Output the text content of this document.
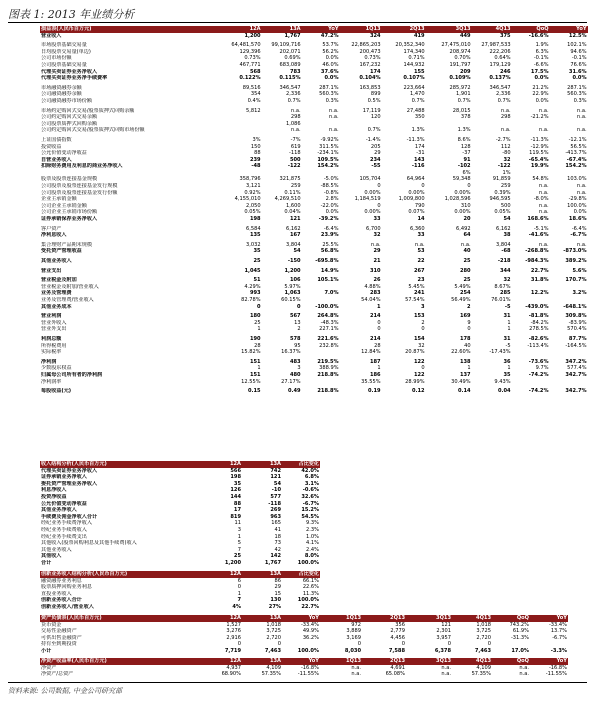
图表 1: 2013 年业绩分析
损益表(人民币百万元)		12A	13A	YoY	1Q13	2Q13	3Q13	4Q13	QoQ	YoY
营业收入		1,200	1,767	47.2%	324	419	449	375	-16.6%	12.5%

市场股票基础交易量		64,481,570	99,109,716	53.7%	22,865,203	20,352,340	27,475,010	27,987,533	1.9%	102.1%
日均股票交易量(单边)		129,396	202,071	56.2%	200,473	174,340	208,974	222,206	6.3%	94.6%
公司市场份额		0.73%	0.69%	0.0%	0.73%	0.71%	0.70%	0.64%	-0.1%	-0.1%
公司股票基础交易量		467,771	683,089	46.0%	167,232	144,932	191,797	179,129	-6.6%	76.6%
代理买卖证券业务净收入		568	783	37.6%	174	155	209	246	17.5%	31.6%
代理买卖证券业务净手续费率		0.122%	0.115%	0.0%	0.104%	0.107%	0.109%	0.137%	0.0%	0.0%

市场融资融券余额		89,516	346,547	287.1%	163,853	223,664	285,972	346,547	21.2%	287.1%
公司融资融券余额		354	2,336	560.3%	899	1,470	1,901	2,336	22.9%	560.3%
公司融资融券市场份额		0.4%	0.7%	0.3%	0.5%	0.7%	0.7%	0.7%	0.0%	0.3%

市场约定购回式交易/股票质押式回购余额		5,812	n.a.	n.a.	17,119	27,488	28,015	n.a.	n.a.	n.a.
公司约定购回式交易余额			298	n.a.	120	350	378	298	-21.2%	n.a.
公司股票质押式回购余额			1,086							
公司约定购回式交易/股票质押式回购市场份额			n.a.	n.a.	0.7%	1.3%	1.3%	n.a.	n.a.	n.a.

上证国债指数		3%	-7%	-9.92%	-1.4%	-11.3%	8.6%	-2.7%	-11.3%	-12.1%
投资收益		150	619	311.5%	205	174	128	112	-12.9%	56.5%
公允价值变动净收益		88	-118	-234.1%	29	-31	-37	-80	119.5%	-413.7%
自营业务收入		239	500	109.5%	234	143	91	32	-65.4%	-67.4%
扣除财务费用及利息的商业务净收入		-48	-122	154.2%	-55	-116	-102	-122	19.9%	154.2%
							6%	1%		
股票及股票连接基金规模		358,796	321,875	-5.0%	105,704	64,964	59,348	91,859	54.8%	103.0%
公司股票及股票连接基金发行规模		3,121	259	-88.5%	0	0	0	259	n.a.	n.a.
公司股票及股票连接基金发行份额		0.92%	0.11%	-0.8%	0.00%	0.00%	0.00%	0.39%	n.a.	n.a.
企业主承销金额		4,155,010	4,269,510	2.8%	1,184,519	1,009,800	1,028,596	946,595	-8.0%	-29.8%
公司企业主承销金额		2,050	1,600	-22.0%	0	790	310	500	n.a.	100.0%
公司企业主承销市场份额		0.05%	0.04%	0.0%	0.00%	0.07%	0.00%	0.05%	n.a.	0.0%
证券承销保荐业务净收入		198	121	-39.2%	33	14	20	54	168.6%	18.6%

客户资产		6,584	6,162	-6.4%	6,700	6,360	6,492	6,162	-5.1%	-6.4%
净利息收入		135	167	23.9%	32	33	64	38	-41.6%	-6.7%

集合理财产品期末规模		3,032	3,804	25.5%	n.a.	n.a.	n.a.	3,804	n.a.	n.a.
受托资产管理收益		35	54	56.8%	29	53	40	-68	-268.8%	-873.0%

其他业务收入		25	-150	-695.8%	21	22	25	-218	-984.3%	389.2%

营业支出		1,045	1,200	14.9%	310	267	280	344	22.7%	5.6%

营业税金及附加		51	106	105.1%	26	23	25	32	31.8%	170.7%
营业税金及附加/营业收入		4.29%	5.97%		4.88%	5.45%	5.49%	8.67%		
业务及管理费		993	1,063	7.0%	283	241	254	285	12.2%	3.2%
业务及管理费/营业收入		82.78%	60.15%		54.04%	57.54%	56.49%	76.01%		
其他业务成本		0	0	-100.0%	1	3	2	-5	-439.0%	-648.1%

营业利润		180	567	264.8%	214	153	169	31	-81.8%	309.8%
营业外收入		25	13	-48.3%	0	2	9	1	-84.2%	-83.9%
营业外支出		1	2	227.1%	0	0	0	1	278.5%	570.4%

利润总额		190	578	221.6%	214	154	178	31	-82.6%	87.7%
所得税费用		28	95	232.8%	28	32	40	-5	-113.4%	-164.5%
实际税率		15.82%	16.37%		12.84%	20.87%	22.60%	-17.43%		

净利润		151	483	219.5%	187	122	138	36	-73.6%	347.2%
少数股东权益		1	3	388.9%	1	0	1	1	9.7%	577.4%
归属母公司所有者的净利润		151	480	218.8%	186	122	137	35	-74.2%	342.7%
净利润率		12.55%	27.17%		35.55%	28.99%	30.49%	9.43%		

每股收益(元)		0.15	0.49	218.8%	0.19	0.12	0.14	0.04	-74.2%	342.7%
收入结构分析(人民币百万元)	12A	13A	占比变化
代理买卖证券业务净收入	566	742	42.0%
证券承销业务净收入	198	121	6.8%
委托资产管理业务净收入	35	54	3.1%
利息净收入	126	-10	-0.6%
投资净收益	144	577	32.6%
公允价值变动净收益	88	-118	-6.7%
其他业务净收入	17	269	15.2%
手续费及佣金净收入合计	819	963	54.5%
经纪业务手续费净收入	11	165	9.3%
经纪业务手续费收入	3	41	2.3%
经纪业务手续费支出	1	18	1.0%
其他收入(股票回购利息及其他手续费)收入	5	73	4.1%
其他业务收入	7	42	2.4%
其他收入	25	142	8.0%
合计	1,200	1,767	100.0%
创新业务收入结构分析(人民币百万元)	12A	13A	占比变化
融资融券业务利息	6	86	66.1%
股票质押回购业务利息	0	29	22.6%
直投业务收入	1	15	11.3%
创新业务收入合计	7	130	100.0%
创新业务收入/营业收入	4%	27%	22.7%
资产负债表(人民币百万元)	12A	13A	YoY	1Q13	2Q13	3Q13	4Q13	QoQ	YoY
货币资金	1,527	1,018	-33.4%	972	356	121	1,018	743.2%	-33.4%
交易性金融资产	3,276	3,725	49.9%	3,889	2,779	2,301	3,725	61.9%	13.7%
可供出售金融资产	2,916	2,720	36.2%	3,169	4,456	3,957	2,720	-31.3%	-6.7%
持有至到期投资	0	0		0	0	0	0		
小计	7,719	7,463	100.0%	8,030	7,588	6,378	7,463	17.0%	-3.3%
净资产收益率(人民币百万元)	12A	13A	YoY	1Q13	2Q13	3Q13	4Q13	QoQ	YoY
净资产	4,937	4,109	-16.8%	n.a.	4,691	n.a.	4,109	n.a.	-16.8%
净资产/总资产	68.90%	57.35%	-11.55%	n.a.	65.08%	n.a.	57.35%	n.a.	-11.55%
资料来源: 公司数据, 中金公司研究部
